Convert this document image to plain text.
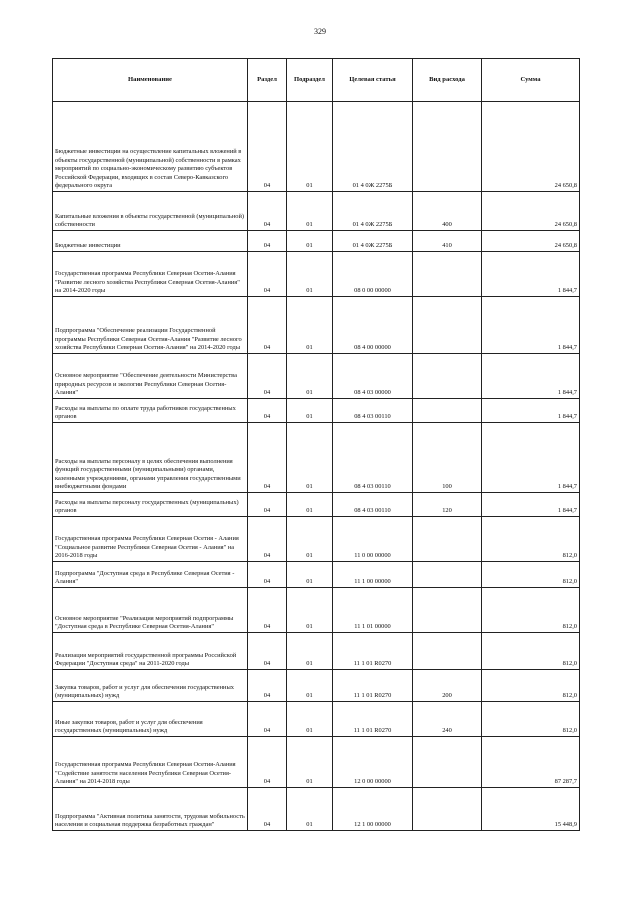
329
Наименование	Раздел	Подраздел	Целевая статья	Вид расхода	Сумма
Бюджетные инвестиции на осуществление капитальных вложений в объекты государственной (муниципальной) собственности в рамках мероприятий по социально-экономическому развитию субъектов Российской Федерации, входящих в состав Северо-Кавказского федерального округа	04	01	01 4 0Ж 2275Б		24 650,8
Капитальные вложения в объекты государственной (муниципальной) собственности	04	01	01 4 0Ж 2275Б	400	24 650,8
Бюджетные инвестиции	04	01	01 4 0Ж 2275Б	410	24 650,8
Государственная программа Республики Северная Осетия-Алания "Развитие лесного хозяйства Республики Северная Осетия-Алания" на 2014-2020 годы	04	01	08 0 00 00000		1 844,7
Подпрограмма "Обеспечение реализации Государственной программы Республики Северная Осетия-Алания "Развитие лесного хозяйства Республики Северная Осетия-Алания" на 2014-2020 годы	04	01	08 4 00 00000		1 844,7
Основное мероприятие "Обеспечение деятельности Министерства природных ресурсов и экологии Республики Северная Осетия-Алания"	04	01	08 4 03 00000		1 844,7
Расходы на выплаты по оплате труда работников государственных органов	04	01	08 4 03 00110		1 844,7
Расходы на выплаты персоналу в целях обеспечения выполнения функций государственными (муниципальными) органами, казенными учреждениями, органами управления государственными внебюджетными фондами	04	01	08 4 03 00110	100	1 844,7
Расходы на выплаты персоналу государственных (муниципальных) органов	04	01	08 4 03 00110	120	1 844,7
Государственная программа Республики Северная Осетия - Алания "Социальное развитие Республики Северная Осетия - Алания" на 2016-2018 годы	04	01	11 0 00 00000		812,0
Подпрограмма "Доступная среда в Республике Северная Осетия - Алания"	04	01	11 1 00 00000		812,0
Основное мероприятие "Реализация мероприятий подпрограммы "Доступная среда в Республике Северная Осетия-Алания"	04	01	11 1 01 00000		812,0
Реализация мероприятий государственной программы Российской Федерации "Доступная среда" на 2011-2020 годы	04	01	11 1 01 R0270		812,0
Закупка товаров, работ и услуг для обеспечения государственных (муниципальных) нужд	04	01	11 1 01 R0270	200	812,0
Иные закупки товаров, работ и услуг для обеспечения государственных (муниципальных) нужд	04	01	11 1 01 R0270	240	812,0
Государственная программа Республики Северная Осетия-Алания "Содействие занятости населения Республики Северная Осетия-Алания" на 2014-2018 годы	04	01	12 0 00 00000		87 287,7
Подпрограмма "Активная политика занятости, трудовая мобильность населения и социальная поддержка безработных граждан"	04	01	12 1 00 00000		15 448,9
